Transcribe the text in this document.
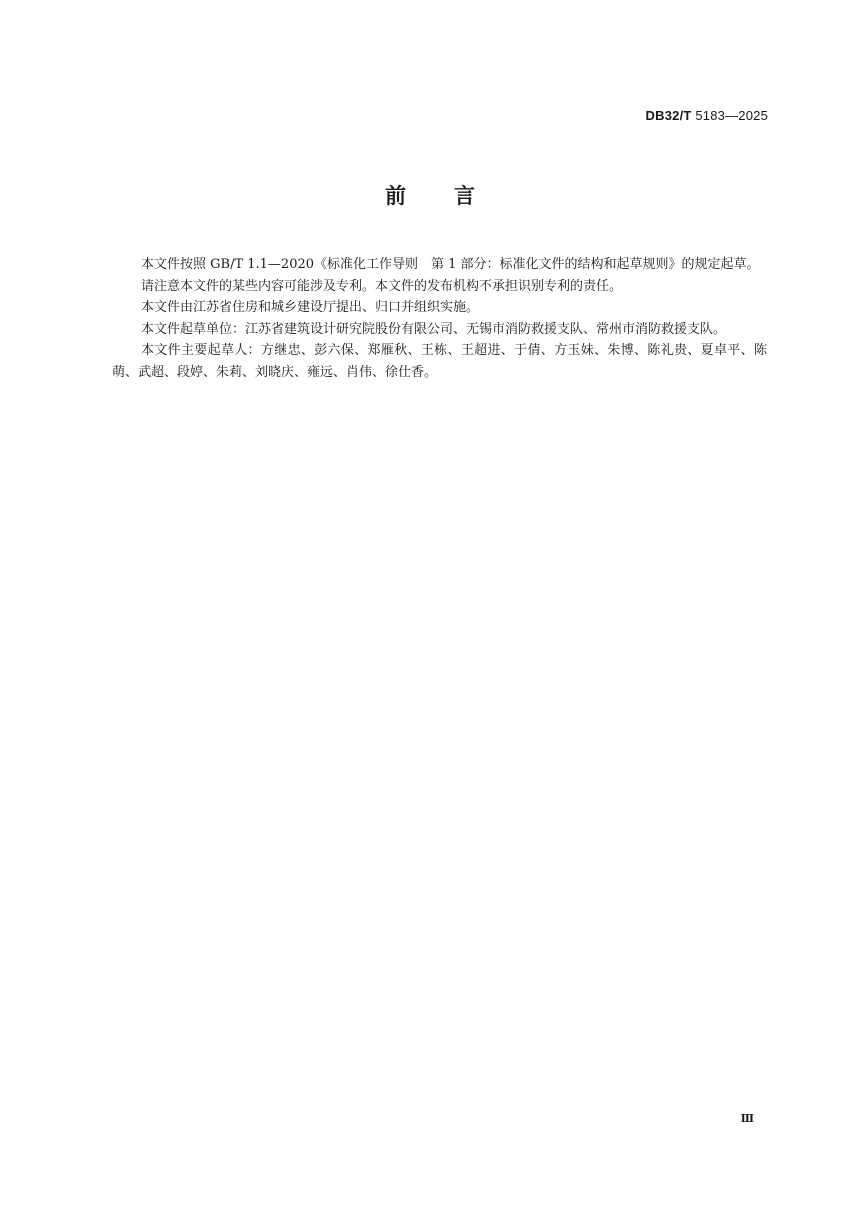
DB32/T 5183—2025
前 言

本文件按照 GB/T 1.1—2020《标准化工作导则　第 1 部分：标准化文件的结构和起草规则》的规定起草。

请注意本文件的某些内容可能涉及专利。本文件的发布机构不承担识别专利的责任。

本文件由江苏省住房和城乡建设厅提出、归口并组织实施。

本文件起草单位：江苏省建筑设计研究院股份有限公司、无锡市消防救援支队、常州市消防救援支队。

本文件主要起草人：方继忠、彭六保、郑雁秋、王栋、王超进、于倩、方玉妹、朱博、陈礼贵、夏卓平、陈萌、武超、段婷、朱莉、刘晓庆、雍远、肖伟、徐仕香。

Ⅲ
